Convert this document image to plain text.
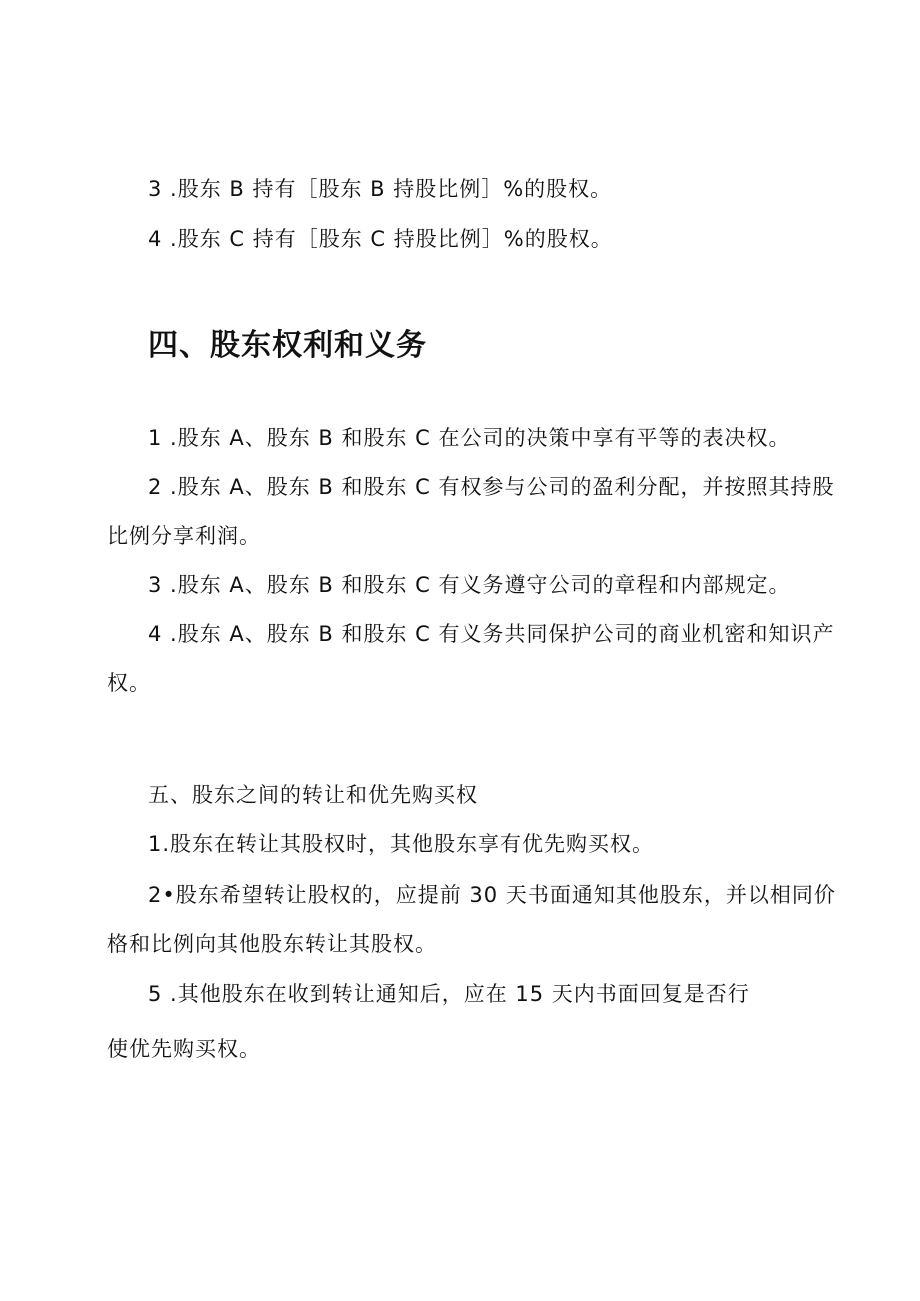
3 .股东 B 持有［股东 B 持股比例］%的股权。
4 .股东 C 持有［股东 C 持股比例］%的股权。
四、股东权利和义务
1 .股东 A、股东 B 和股东 C 在公司的决策中享有平等的表决权。
2 .股东 A、股东 B 和股东 C 有权参与公司的盈利分配，并按照其持股
比例分享利润。
3 .股东 A、股东 B 和股东 C 有义务遵守公司的章程和内部规定。
4 .股东 A、股东 B 和股东 C 有义务共同保护公司的商业机密和知识产
权。
五、股东之间的转让和优先购买权
1.股东在转让其股权时，其他股东享有优先购买权。
2•股东希望转让股权的，应提前 30 天书面通知其他股东，并以相同价
格和比例向其他股东转让其股权。
5 .其他股东在收到转让通知后，应在 15 天内书面回复是否行
使优先购买权。
